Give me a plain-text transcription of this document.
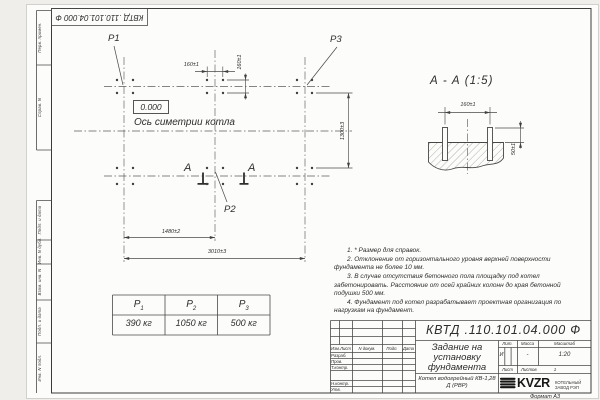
КВТД .110.101.04.000 Ф
Перв. примен.
Справ. N
Подп. и дата
Инв. N дубл.
Взам. инв. N
Подп. и дата
Инв. N подл.
P1	P3
P2
0.000
Ось симетрии котла
А	А
160±1	160±1
1300±3
1480±2
3010±3
А - А (1:5)
160±1
50±1

1. * Размер для справок.

2. Отклонение от горизонтального уровня верхней поверхности фундамента не более 10 мм.

3. В случае отсутствия бетонного пола площадку под котел забетонировать. Расстояние от осей крайних колонн до края бетонной подушки 500 мм.

4. Фундамент под котел разрабатывает проектная организация по нагрузкам на фундамент.

$P_1$	$P_2$	$P_3$
390 кг	1050 кг	500 кг	КВТД .110.101.04.000 Ф
Изм.Лист	N докум.	Подп.	Дата
Разраб.
Пров.
Т.контр.
Н.контр.
Утв.
Задание на установку фундамента
Котел водогрейный КВ-1,28 Д (РВР)
Лит.	Масса	Масштаб
И	-	1:20
Лист	Листов	1
KVZR КОТЕЛЬНЫЙ ЗАВОД РЭП
Формат А3
